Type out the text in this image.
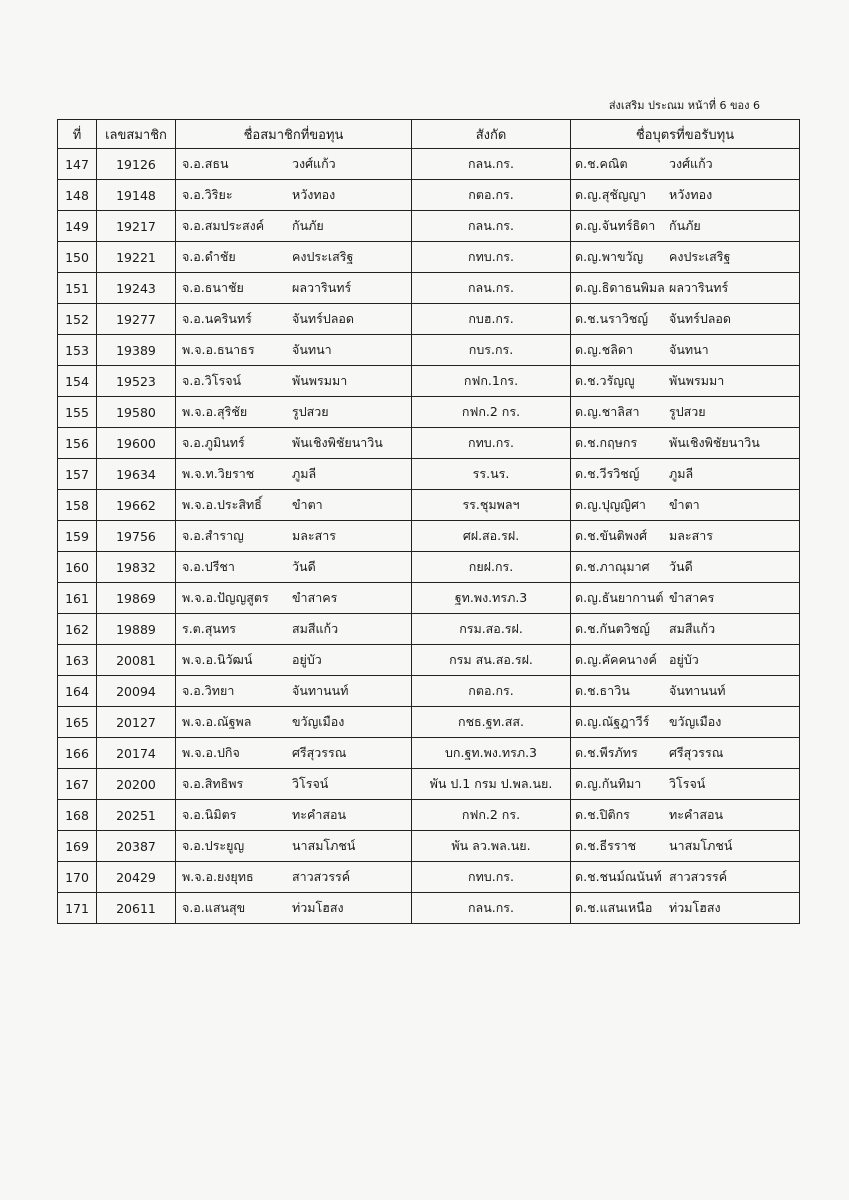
ส่งเสริม ประณม หน้าที่ 6 ของ 6
ที่	เลขสมาชิก	ชื่อสมาชิกที่ขอทุน	สังกัด	ชื่อบุตรที่ขอรับทุน
147	19126	จ.อ.สธน วงศ์แก้ว	กลน.กร.	ด.ช.คณิต วงศ์แก้ว
148	19148	จ.อ.วิริยะ หวังทอง	กตอ.กร.	ด.ญ.สุชัญญา หวังทอง
149	19217	จ.อ.สมประสงค์ กันภัย	กลน.กร.	ด.ญ.จันทร์ธิดา กันภัย
150	19221	จ.อ.ดำชัย คงประเสริฐ	กทบ.กร.	ด.ญ.พาขวัญ คงประเสริฐ
151	19243	จ.อ.ธนาชัย ผลวารินทร์	กลน.กร.	ด.ญ.ธิดาธนพิมล ผลวารินทร์
152	19277	จ.อ.นครินทร์ จันทร์ปลอด	กบฮ.กร.	ด.ช.นราวิชญ์ จันทร์ปลอด
153	19389	พ.จ.อ.ธนาธร จันทนา	กบร.กร.	ด.ญ.ชลิดา จันทนา
154	19523	จ.อ.วิโรจน์ พันพรมมา	กฟก.1กร.	ด.ช.วรัญญู พันพรมมา
155	19580	พ.จ.อ.สุริชัย รูปสวย	กฟก.2 กร.	ด.ญ.ชาลิสา รูปสวย
156	19600	จ.อ.ภูมินทร์ พันเชิงพิชัยนาวิน	กทบ.กร.	ด.ช.กฤษกร พันเชิงพิชัยนาวิน
157	19634	พ.จ.ท.วิยราช ภูมลี	รร.นร.	ด.ช.วีรวิชญ์ ภูมลี
158	19662	พ.จ.อ.ประสิทธิ์ ขำตา	รร.ชุมพลฯ	ด.ญ.ปุญญิศา ขำตา
159	19756	จ.อ.สำราญ มละสาร	ศฝ.สอ.รฝ.	ด.ช.ขันติพงศ์ มละสาร
160	19832	จ.อ.ปรีชา วันดี	กยฝ.กร.	ด.ช.ภาณุมาศ วันดี
161	19869	พ.จ.อ.ปัญญสูตร ขำสาคร	ฐท.พง.ทรภ.3	ด.ญ.ธันยากานต์ ขำสาคร
162	19889	ร.ต.สุนทร สมสีแก้ว	กรม.สอ.รฝ.	ด.ช.กันตวิชญ์ สมสีแก้ว
163	20081	พ.จ.อ.นิวัฒน์ อยู่บัว	กรม สน.สอ.รฝ.	ด.ญ.คัคคนางค์ อยู่บัว
164	20094	จ.อ.วิทยา จันทานนท์	กตอ.กร.	ด.ช.ธาวิน จันทานนท์
165	20127	พ.จ.อ.ณัฐพล ขวัญเมือง	กชธ.ฐท.สส.	ด.ญ.ณัฐฎาวีร์ ขวัญเมือง
166	20174	พ.จ.อ.ปกิจ ศรีสุวรรณ	บก.ฐท.พง.ทรภ.3	ด.ช.พีรภัทร ศรีสุวรรณ
167	20200	จ.อ.สิทธิพร วิโรจน์	พัน ป.1 กรม ป.พล.นย.	ด.ญ.กันทิมา วิโรจน์
168	20251	จ.อ.นิมิตร ทะคำสอน	กฟก.2 กร.	ด.ช.ปิติกร ทะคำสอน
169	20387	จ.อ.ประยูญ นาสมโภชน์	พัน ลว.พล.นย.	ด.ช.ธีรราช นาสมโภชน์
170	20429	พ.จ.อ.ยงยุทธ สาวสวรรค์	กทบ.กร.	ด.ช.ชนม์ณนันท์ สาวสวรรค์
171	20611	จ.อ.แสนสุข ท่วมโฮสง	กลน.กร.	ด.ช.แสนเหนือ ท่วมโฮสง
